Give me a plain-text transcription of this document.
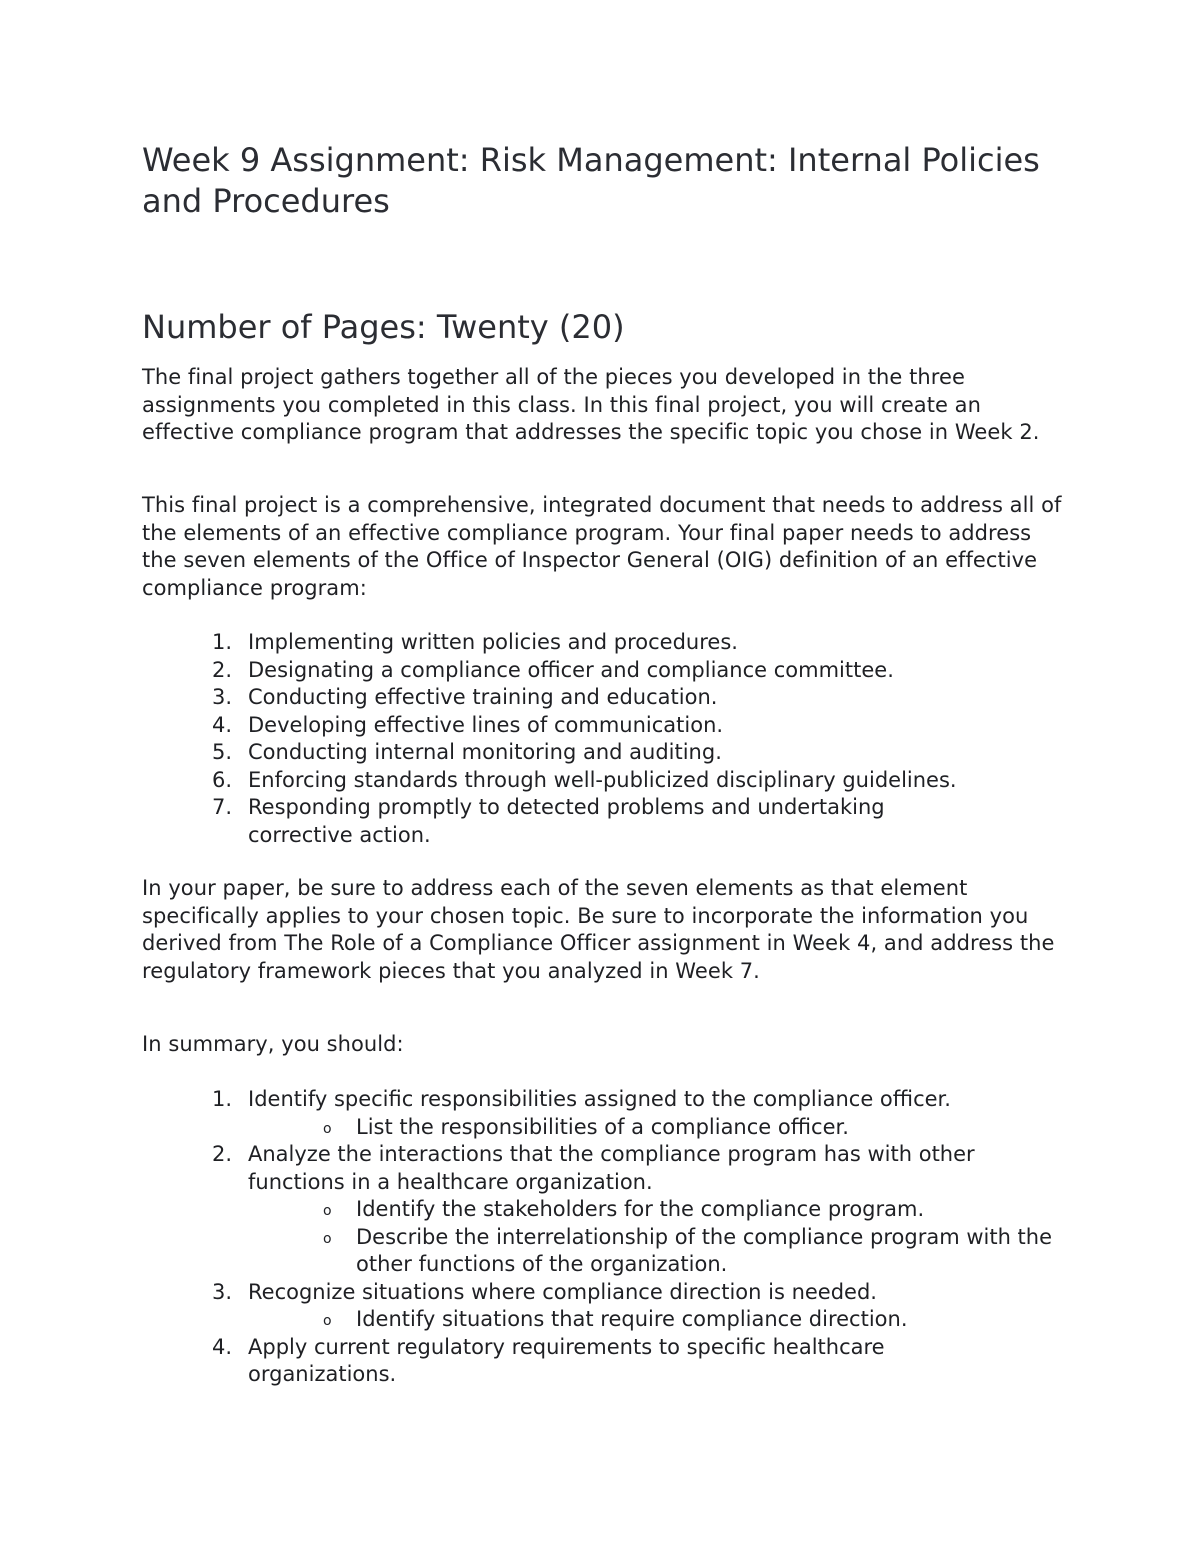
Week 9 Assignment: Risk Management: Internal Policies and Procedures
Number of Pages: Twenty (20)

The final project gathers together all of the pieces you developed in the three assignments you completed in this class. In this final project, you will create an effective compliance program that addresses the specific topic you chose in Week 2.

This final project is a comprehensive, integrated document that needs to address all of the elements of an effective compliance program. Your final paper needs to address the seven elements of the Office of Inspector General (OIG) definition of an effective compliance program:

1. Implementing written policies and procedures.
2. Designating a compliance officer and compliance committee.
3. Conducting effective training and education.
4. Developing effective lines of communication.
5. Conducting internal monitoring and auditing.
6. Enforcing standards through well-publicized disciplinary guidelines.
7. Responding promptly to detected problems and undertaking corrective action.

In your paper, be sure to address each of the seven elements as that element specifically applies to your chosen topic. Be sure to incorporate the information you derived from The Role of a Compliance Officer assignment in Week 4, and address the regulatory framework pieces that you analyzed in Week 7.

In summary, you should:

1. Identify specific responsibilities assigned to the compliance officer.
o List the responsibilities of a compliance officer.
2. Analyze the interactions that the compliance program has with other functions in a healthcare organization.
o Identify the stakeholders for the compliance program.
o Describe the interrelationship of the compliance program with the other functions of the organization.
3. Recognize situations where compliance direction is needed.
o Identify situations that require compliance direction.
4. Apply current regulatory requirements to specific healthcare organizations.
